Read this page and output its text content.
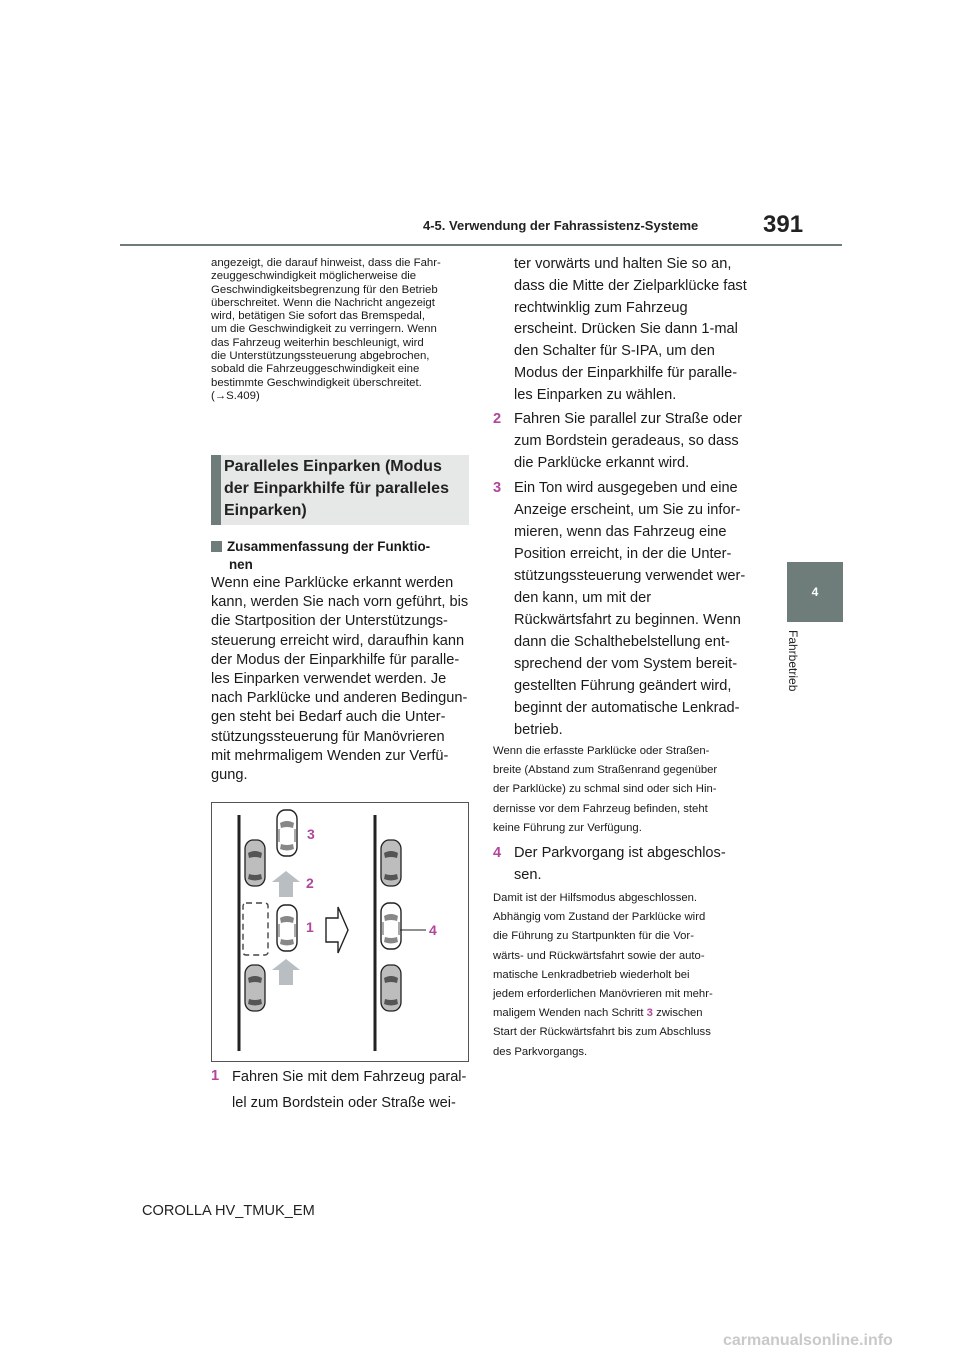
4-5. Verwendung der Fahrassistenz-Systeme	391
4
Fahrbetrieb
angezeigt, die darauf hinweist, dass die Fahr-
zeuggeschwindigkeit möglicherweise die
Geschwindigkeitsbegrenzung für den Betrieb
überschreitet. Wenn die Nachricht angezeigt
wird, betätigen Sie sofort das Bremspedal,
um die Geschwindigkeit zu verringern. Wenn
das Fahrzeug weiterhin beschleunigt, wird
die Unterstützungssteuerung abgebrochen,
sobald die Fahrzeuggeschwindigkeit eine
bestimmte Geschwindigkeit überschreitet.
(→S.409)
Paralleles Einparken (Modus
der Einparkhilfe für paralleles
Einparken)
Zusammenfassung der Funktio-
nen
Wenn eine Parklücke erkannt werden
kann, werden Sie nach vorn geführt, bis
die Startposition der Unterstützungs-
steuerung erreicht wird, daraufhin kann
der Modus der Einparkhilfe für paralle-
les Einparken verwendet werden. Je
nach Parklücke und anderen Bedingun-
gen steht bei Bedarf auch die Unter-
stützungssteuerung für Manövrieren
mit mehrmaligem Wenden zur Verfü-
gung.
3
2
1	4
1 Fahren Sie mit dem Fahrzeug paral-
lel zum Bordstein oder Straße wei-
ter vorwärts und halten Sie so an,
dass die Mitte der Zielparklücke fast
rechtwinklig zum Fahrzeug
erscheint. Drücken Sie dann 1-mal
den Schalter für S-IPA, um den
Modus der Einparkhilfe für paralle-
les Einparken zu wählen.
2 Fahren Sie parallel zur Straße oder
zum Bordstein geradeaus, so dass
die Parklücke erkannt wird.
3 Ein Ton wird ausgegeben und eine
Anzeige erscheint, um Sie zu infor-
mieren, wenn das Fahrzeug eine
Position erreicht, in der die Unter-
stützungssteuerung verwendet wer-
den kann, um mit der
Rückwärtsfahrt zu beginnen. Wenn
dann die Schalthebelstellung ent-
sprechend der vom System bereit-
gestellten Führung geändert wird,
beginnt der automatische Lenkrad-
betrieb.
Wenn die erfasste Parklücke oder Straßen-
breite (Abstand zum Straßenrand gegenüber
der Parklücke) zu schmal sind oder sich Hin-
dernisse vor dem Fahrzeug befinden, steht
keine Führung zur Verfügung.
4 Der Parkvorgang ist abgeschlos-
sen.
Damit ist der Hilfsmodus abgeschlossen.
Abhängig vom Zustand der Parklücke wird
die Führung zu Startpunkten für die Vor-
wärts- und Rückwärtsfahrt sowie der auto-
matische Lenkradbetrieb wiederholt bei
jedem erforderlichen Manövrieren mit mehr-
maligem Wenden nach Schritt 3 zwischen
Start der Rückwärtsfahrt bis zum Abschluss
des Parkvorgangs.
COROLLA HV_TMUK_EM
carmanualsonline.info
